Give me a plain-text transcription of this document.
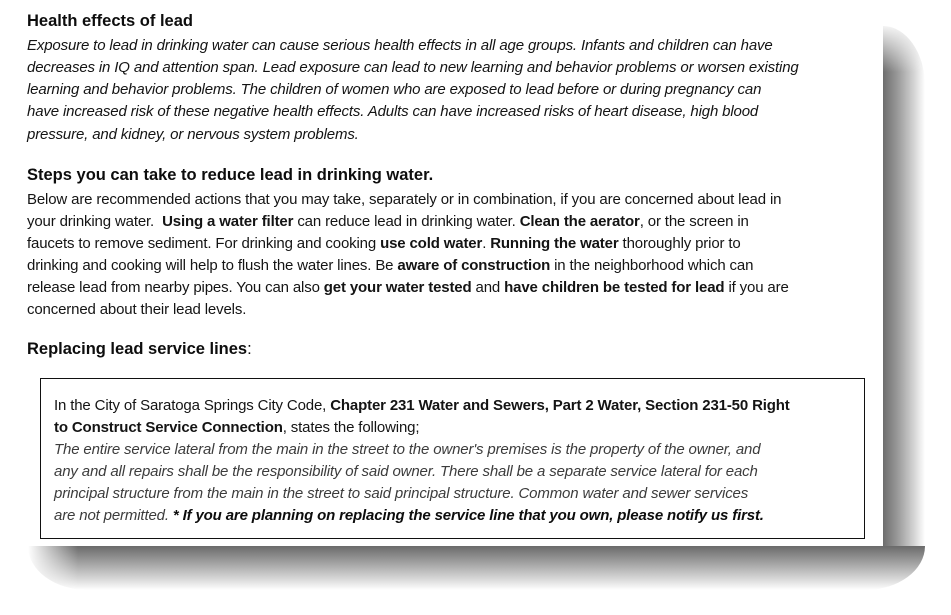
Health effects of lead
Exposure to lead in drinking water can cause serious health effects in all age groups. Infants and children can have
decreases in IQ and attention span. Lead exposure can lead to new learning and behavior problems or worsen existing
learning and behavior problems. The children of women who are exposed to lead before or during pregnancy can
have increased risk of these negative health effects. Adults can have increased risks of heart disease, high blood
pressure, and kidney, or nervous system problems.
Steps you can take to reduce lead in drinking water.
Below are recommended actions that you may take, separately or in combination, if you are concerned about lead in
your drinking water.  Using a water filter can reduce lead in drinking water. Clean the aerator, or the screen in
faucets to remove sediment. For drinking and cooking use cold water. Running the water thoroughly prior to
drinking and cooking will help to flush the water lines. Be aware of construction in the neighborhood which can
release lead from nearby pipes. You can also get your water tested and have children be tested for lead if you are
concerned about their lead levels.
Replacing lead service lines:
In the City of Saratoga Springs City Code, Chapter 231 Water and Sewers, Part 2 Water, Section 231-50 Right
to Construct Service Connection, states the following;
The entire service lateral from the main in the street to the owner's premises is the property of the owner, and
any and all repairs shall be the responsibility of said owner. There shall be a separate service lateral for each
principal structure from the main in the street to said principal structure. Common water and sewer services
are not permitted. * If you are planning on replacing the service line that you own, please notify us first.
